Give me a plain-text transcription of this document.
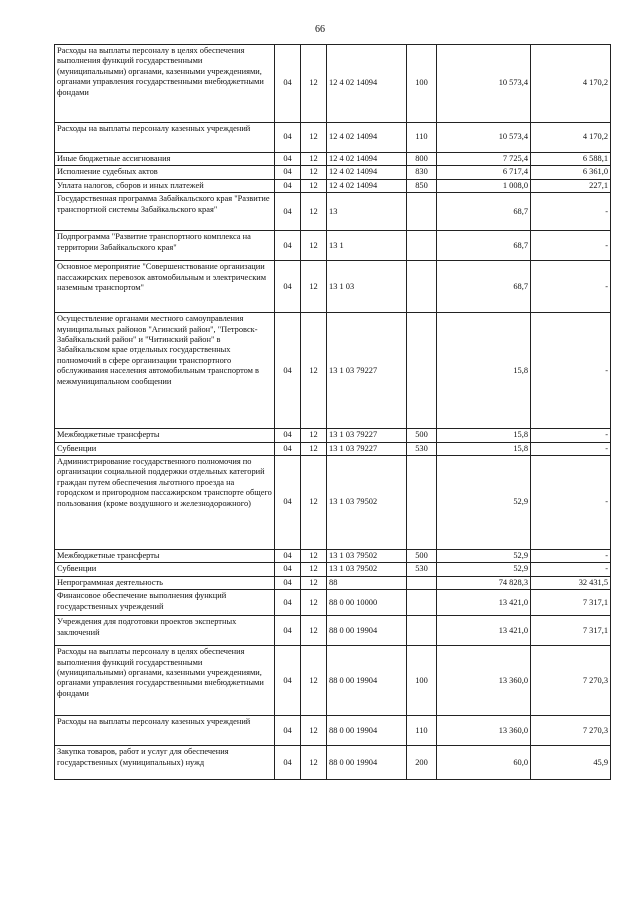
66
Расходы на выплаты персоналу в целях обеспечения выполнения функций государственными (муниципальными) органами, казенными учреждениями, органами управления государственными внебюджетными фондами	04	12	12 4 02 14094	100	10 573,4	4 170,2
Расходы на выплаты персоналу казенных учреждений	04	12	12 4 02 14094	110	10 573,4	4 170,2
Иные бюджетные ассигнования	04	12	12 4 02 14094	800	7 725,4	6 588,1
Исполнение судебных актов	04	12	12 4 02 14094	830	6 717,4	6 361,0
Уплата налогов, сборов и иных платежей	04	12	12 4 02 14094	850	1 008,0	227,1
Государственная программа Забайкальского края "Развитие транспортной системы Забайкальского края"	04	12	13		68,7	-
Подпрограмма "Развитие транспортного комплекса на территории Забайкальского края"	04	12	13 1		68,7	-
Основное мероприятие "Совершенствование организации пассажирских перевозок автомобильным и электрическим наземным транспортом"	04	12	13 1 03		68,7	-
Осуществление органами местного самоуправления муниципальных районов "Агинский район", "Петровск-Забайкальский район" и "Читинский район" в Забайкальском крае отдельных государственных полномочий в сфере организации транспортного обслуживания населения автомобильным транспортом в межмуниципальном сообщении	04	12	13 1 03 79227		15,8	-
Межбюджетные трансферты	04	12	13 1 03 79227	500	15,8	-
Субвенции	04	12	13 1 03 79227	530	15,8	-
Администрирование государственного полномочия по организации социальной поддержки отдельных категорий граждан путем обеспечения льготного проезда на городском и пригородном пассажирском транспорте общего пользования (кроме воздушного и железнодорожного)	04	12	13 1 03 79502		52,9	-
Межбюджетные трансферты	04	12	13 1 03 79502	500	52,9	-
Субвенции	04	12	13 1 03 79502	530	52,9	-
Непрограммная деятельность	04	12	88		74 828,3	32 431,5
Финансовое обеспечение выполнения функций государственных учреждений	04	12	88 0 00 10000		13 421,0	7 317,1
Учреждения для подготовки проектов экспертных заключений	04	12	88 0 00 19904		13 421,0	7 317,1
Расходы на выплаты персоналу в целях обеспечения выполнения функций государственными (муниципальными) органами, казенными учреждениями, органами управления государственными внебюджетными фондами	04	12	88 0 00 19904	100	13 360,0	7 270,3
Расходы на выплаты персоналу казенных учреждений	04	12	88 0 00 19904	110	13 360,0	7 270,3
Закупка товаров, работ и услуг для обеспечения государственных (муниципальных) нужд	04	12	88 0 00 19904	200	60,0	45,9
